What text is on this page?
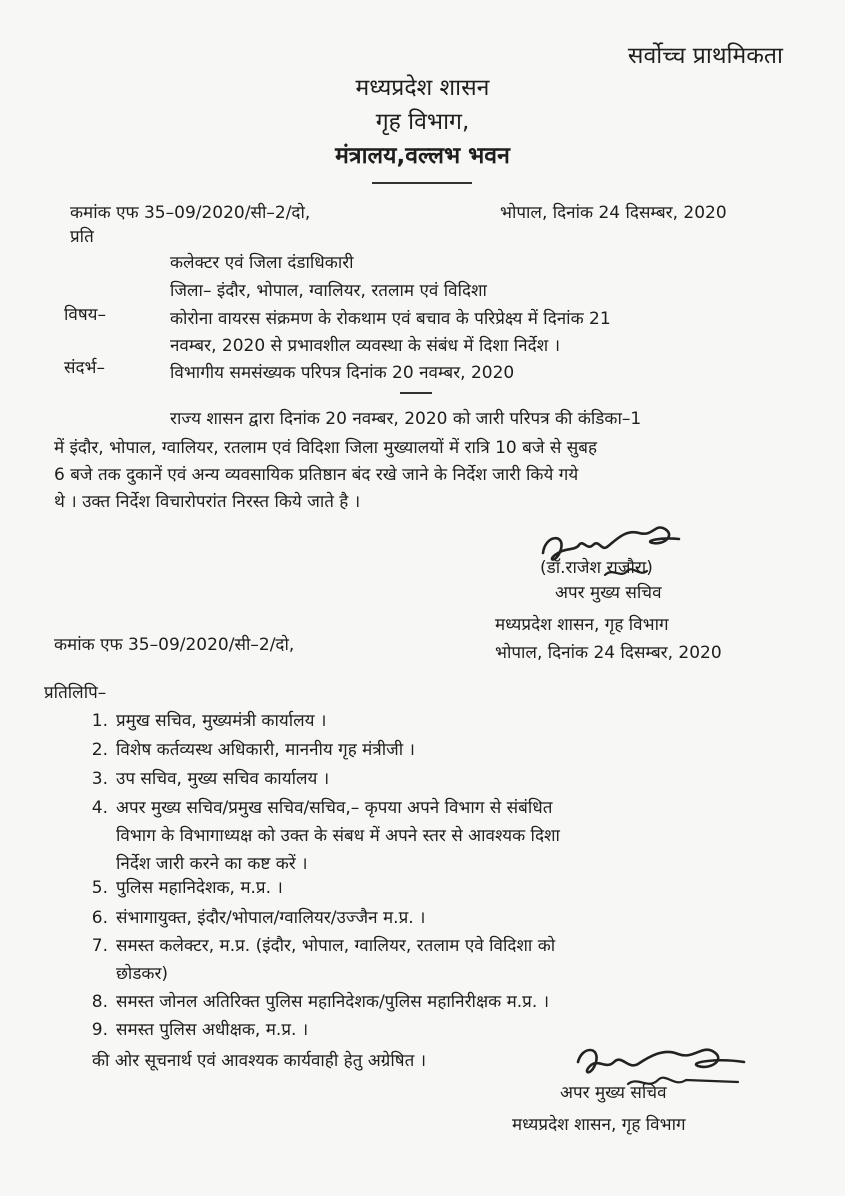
सर्वोच्च प्राथमिकता
मध्यप्रदेश शासन
गृह विभाग,
मंत्रालय,वल्लभ भवन
कमांक एफ 35–09/2020/सी–2/दो,	भोपाल, दिनांक 24 दिसम्बर, 2020
प्रति
कलेक्टर एवं जिला दंडाधिकारी
जिला– इंदौर, भोपाल, ग्वालियर, रतलाम एवं विदिशा
विषय–	कोरोना वायरस संक्रमण के रोकथाम एवं बचाव के परिप्रेक्ष्य में दिनांक 21
नवम्बर, 2020 से प्रभावशील व्यवस्था के संबंध में दिशा निर्देश ।
संदर्भ–	विभागीय समसंख्यक परिपत्र दिनांक 20 नवम्बर, 2020
राज्य शासन द्वारा दिनांक 20 नवम्बर, 2020 को जारी परिपत्र की कंडिका–1
में इंदौर, भोपाल, ग्वालियर, रतलाम एवं विदिशा जिला मुख्यालयों में रात्रि 10 बजे से सुबह
6 बजे तक दुकानें एवं अन्य व्यवसायिक प्रतिष्ठान बंद रखे जाने के निर्देश जारी किये गये
थे । उक्त निर्देश विचारोपरांत निरस्त किये जाते है ।
(डॉ.राजेश राजौरा)
अपर मुख्य सचिव
मध्यप्रदेश शासन, गृह विभाग
भोपाल, दिनांक 24 दिसम्बर, 2020
कमांक एफ 35–09/2020/सी–2/दो,
प्रतिलिपि–
1. प्रमुख सचिव, मुख्यमंत्री कार्यालय ।
2. विशेष कर्तव्यस्थ अधिकारी, माननीय गृह मंत्रीजी ।
3. उप सचिव, मुख्य सचिव कार्यालय ।
4. अपर मुख्य सचिव/प्रमुख सचिव/सचिव,– कृपया अपने विभाग से संबंधित
विभाग के विभागाध्यक्ष को उक्त के संबध में अपने स्तर से आवश्यक दिशा
निर्देश जारी करने का कष्ट करें ।
5. पुलिस महानिदेशक, म.प्र. ।
6. संभागायुक्त, इंदौर/भोपाल/ग्वालियर/उज्जैन म.प्र. ।
7. समस्त कलेक्टर, म.प्र. (इंदौर, भोपाल, ग्वालियर, रतलाम एवे विदिशा को
छोडकर)
8. समस्त जोनल अतिरिक्त पुलिस महानिदेशक/पुलिस महानिरीक्षक म.प्र. ।
9. समस्त पुलिस अधीक्षक, म.प्र. ।
की ओर सूचनार्थ एवं आवश्यक कार्यवाही हेतु अग्रेषित ।
अपर मुख्य सचिव
मध्यप्रदेश शासन, गृह विभाग
